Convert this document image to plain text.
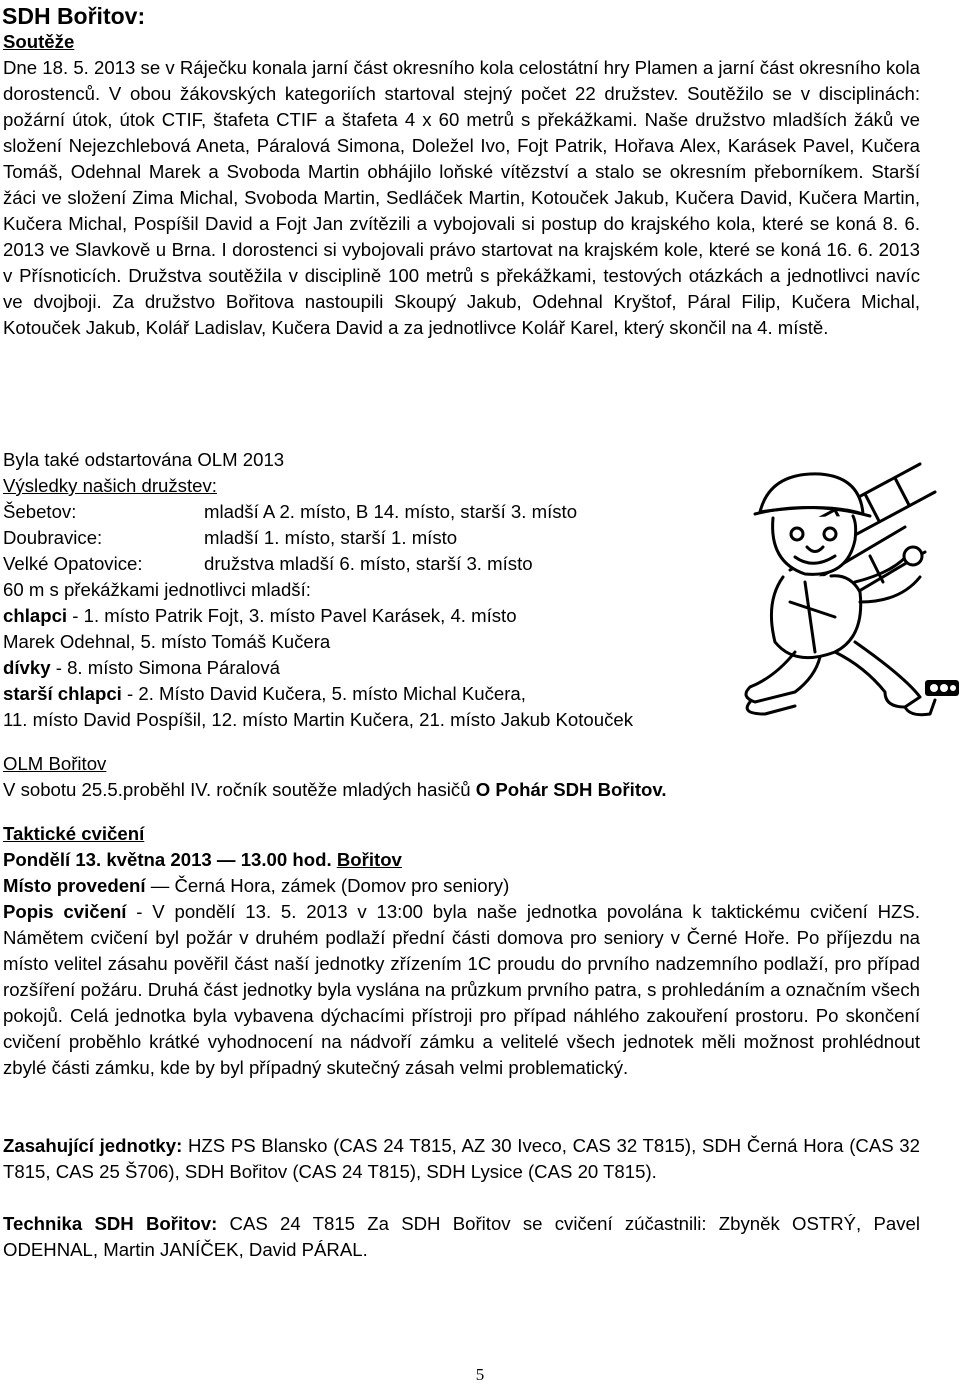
SDH Bořitov:
Soutěže
Dne 18. 5. 2013 se v Ráječku konala jarní část okresního kola celostátní hry Plamen a jarní část okresního kola dorostenců. V obou žákovských kategoriích startoval stejný počet 22 družstev. Soutěžilo se v disciplinách: požární útok, útok CTIF, štafeta CTIF a štafeta 4 x 60 metrů s překážkami. Naše družstvo mladších žáků ve složení Nejezchlebová Aneta, Páralová Simona, Doležel Ivo, Fojt Patrik, Hořava Alex, Karásek Pavel, Kučera Tomáš, Odehnal Marek a Svoboda Martin obhájilo loňské vítězství a stalo se okresním přeborníkem. Starší žáci ve složení Zima Michal, Svoboda Martin, Sedláček Martin, Kotouček Jakub, Kučera David, Kučera Martin, Kučera Michal, Pospíšil David a Fojt Jan zvítězili a vybojovali si postup do krajského kola, které se koná 8. 6. 2013 ve Slavkově u Brna. I dorostenci si vybojovali právo startovat na krajském kole, které se koná 16. 6. 2013 v Přísnoticích. Družstva soutěžila v disciplině 100 metrů s překážkami, testových otázkách a jednotlivci navíc ve dvojboji. Za družstvo Bořitova nastoupili Skoupý Jakub, Odehnal Kryštof, Páral Filip, Kučera Michal, Kotouček Jakub, Kolář Ladislav, Kučera David a za jednotlivce Kolář Karel, který skončil na 4. místě.
Byla také odstartována OLM 2013
Výsledky našich družstev:
Šebetov:	mladší A 2. místo, B 14. místo, starší 3. místo
Doubravice:	mladší 1. místo, starší 1. místo
Velké Opatovice:	družstva mladší 6. místo, starší 3. místo
60 m s překážkami jednotlivci mladší:
chlapci - 1. místo Patrik Fojt, 3. místo Pavel Karásek, 4. místo
Marek Odehnal, 5. místo Tomáš Kučera
dívky - 8. místo Simona Páralová
starší chlapci - 2. Místo David Kučera, 5. místo Michal Kučera,
11. místo David Pospíšil, 12. místo Martin Kučera, 21. místo Jakub Kotouček
OLM Bořitov
V sobotu 25.5.proběhl IV. ročník soutěže mladých hasičů O Pohár SDH Bořitov.
Taktické cvičení
Pondělí 13. května 2013 — 13.00 hod. Bořitov
Místo provedení — Černá Hora, zámek (Domov pro seniory)
Popis cvičení - V pondělí 13. 5. 2013 v 13:00 byla naše jednotka povolána k taktickému cvičení HZS. Námětem cvičení byl požár v druhém podlaží přední části domova pro seniory v Černé Hoře. Po příjezdu na místo velitel zásahu pověřil část naší jednotky zřízením 1C proudu do prvního nadzemního podlaží, pro případ rozšíření požáru. Druhá část jednotky byla vyslána na průzkum prvního patra, s prohledáním a označním všech pokojů. Celá jednotka byla vybavena dýchacími přístroji pro případ náhlého zakouření prostoru. Po skončení cvičení proběhlo krátké vyhodnocení na nádvoří zámku a velitelé všech jednotek měli možnost prohlédnout zbylé části zámku, kde by byl případný skutečný zásah velmi problematický.
Zasahující jednotky: HZS PS Blansko (CAS 24 T815, AZ 30 Iveco, CAS 32 T815), SDH Černá Hora (CAS 32 T815, CAS 25 Š706), SDH Bořitov (CAS 24 T815), SDH Lysice (CAS 20 T815).
Technika SDH Bořitov: CAS 24 T815 Za SDH Bořitov se cvičení zúčastnili: Zbyněk OSTRÝ, Pavel ODEHNAL, Martin JANÍČEK, David PÁRAL.
5
